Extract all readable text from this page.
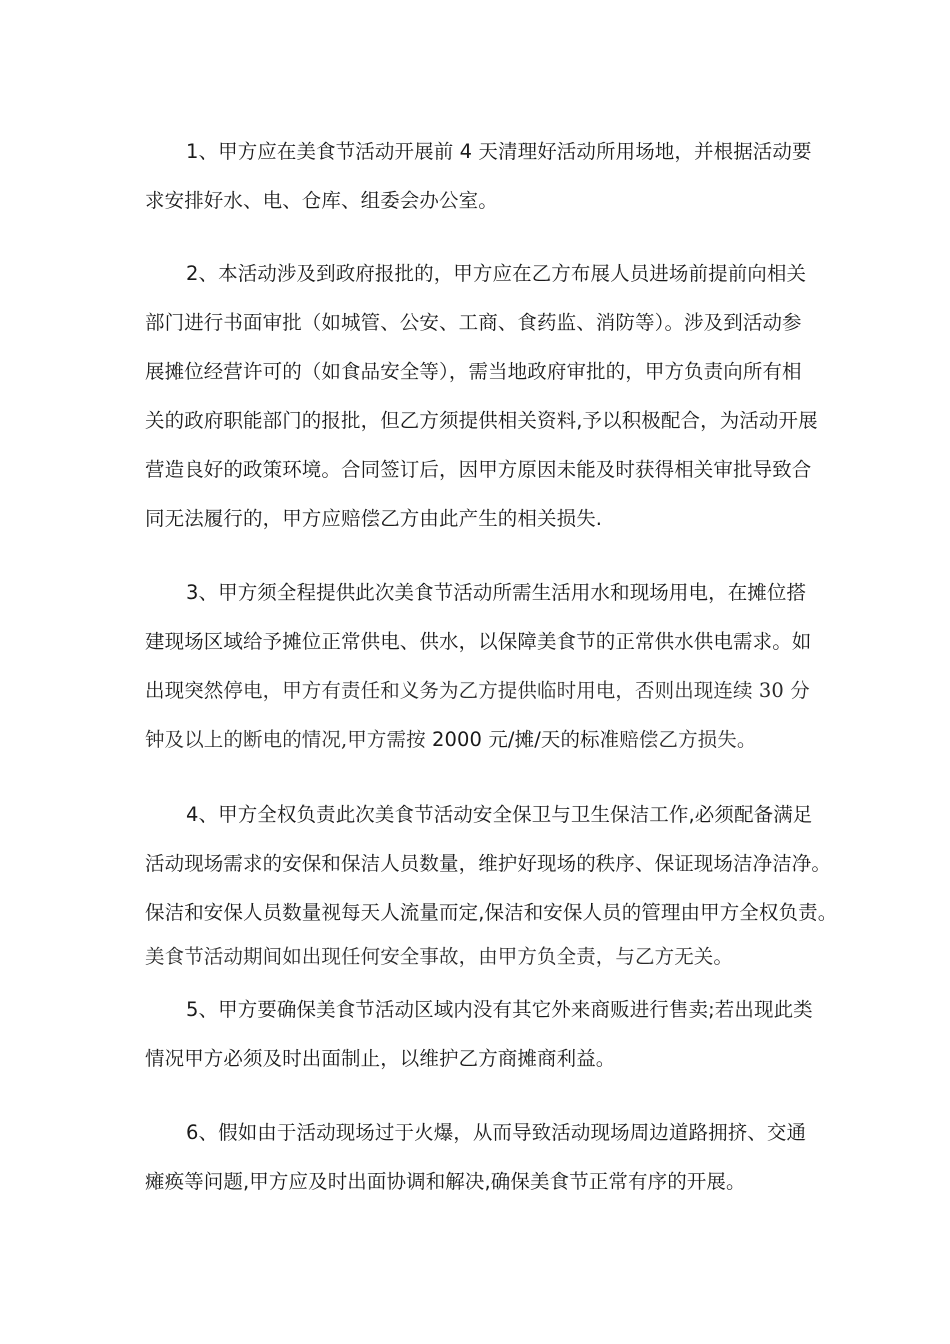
1、甲方应在美食节活动开展前 4 天清理好活动所用场地，并根据活动要
求安排好水、电、仓库、组委会办公室。

2、本活动涉及到政府报批的，甲方应在乙方布展人员进场前提前向相关
部门进行书面审批（如城管、公安、工商、食药监、消防等）。涉及到活动参
展摊位经营许可的（如食品安全等），需当地政府审批的，甲方负责向所有相
关的政府职能部门的报批，但乙方须提供相关资料,予以积极配合，为活动开展
营造良好的政策环境。合同签订后，因甲方原因未能及时获得相关审批导致合
同无法履行的，甲方应赔偿乙方由此产生的相关损失.

3、甲方须全程提供此次美食节活动所需生活用水和现场用电，在摊位搭
建现场区域给予摊位正常供电、供水，以保障美食节的正常供水供电需求。如
出现突然停电，甲方有责任和义务为乙方提供临时用电，否则出现连续 30 分
钟及以上的断电的情况,甲方需按 2000 元/摊/天的标准赔偿乙方损失。

4、甲方全权负责此次美食节活动安全保卫与卫生保洁工作,必须配备满足
活动现场需求的安保和保洁人员数量，维护好现场的秩序、保证现场洁净洁净。
保洁和安保人员数量视每天人流量而定,保洁和安保人员的管理由甲方全权负责。
美食节活动期间如出现任何安全事故，由甲方负全责，与乙方无关。

5、甲方要确保美食节活动区域内没有其它外来商贩进行售卖;若出现此类
情况甲方必须及时出面制止，以维护乙方商摊商利益。

6、假如由于活动现场过于火爆，从而导致活动现场周边道路拥挤、交通
瘫痪等问题,甲方应及时出面协调和解决,确保美食节正常有序的开展。
